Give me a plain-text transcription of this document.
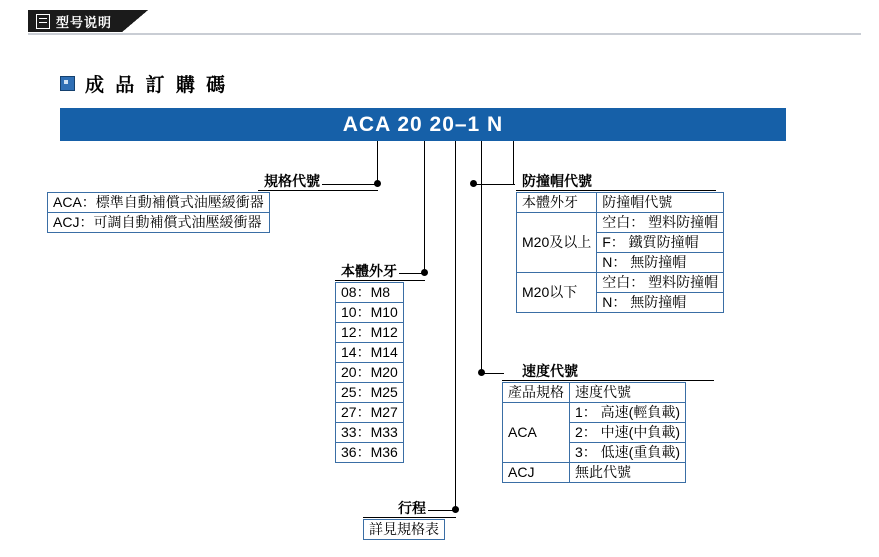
型号说明
成 品 訂 購 碼
ACA 20 20–1 N
規格代號
ACA：標準自動補償式油壓緩衝器
ACJ：可調自動補償式油壓緩衝器
本體外牙
08：M8
10：M10
12：M12
14：M14
20：M20
25：M25
27：M27
33：M33
36：M36
行程
詳見規格表
防撞帽代號
本體外牙	防撞帽代號
M20及以上	空白： 塑料防撞帽
	F： 鐵質防撞帽
	N： 無防撞帽
M20以下	空白： 塑料防撞帽
	N： 無防撞帽
速度代號
產品規格	速度代號
ACA	1： 高速(輕負載)
	2： 中速(中負載)
	3： 低速(重負載)
ACJ	無此代號
